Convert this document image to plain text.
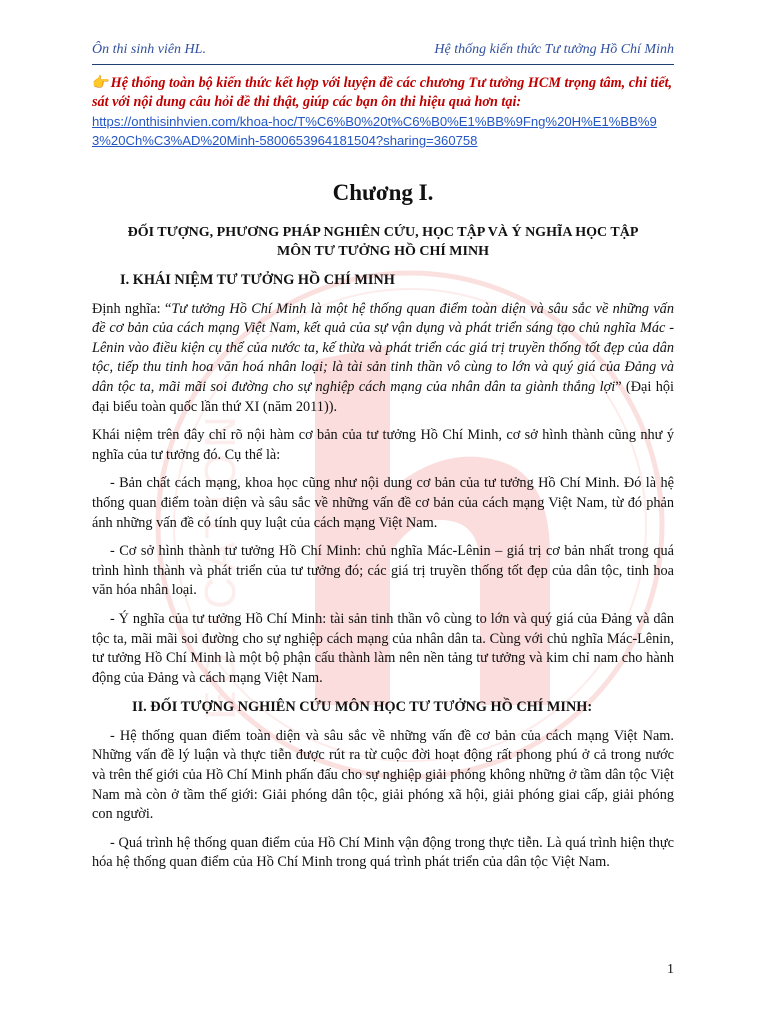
EDUCATION
Ôn thi sinh viên HL.	Hệ thống kiến thức Tư tưởng Hồ Chí Minh
👉Hệ thống toàn bộ kiến thức kết hợp với luyện đề các chương Tư tưởng HCM trọng tâm, chi tiết, sát với nội dung câu hỏi đề thi thật, giúp các bạn ôn thi hiệu quả hơn tại:
https://onthisinhvien.com/khoa-hoc/T%C6%B0%20t%C6%B0%E1%BB%9Fng%20H%E1%BB%93%20Ch%C3%AD%20Minh-5800653964181504?sharing=360758
Chương I.
ĐỐI TƯỢNG, PHƯƠNG PHÁP NGHIÊN CỨU, HỌC TẬP VÀ Ý NGHĨA HỌC TẬP MÔN TƯ TƯỞNG HỒ CHÍ MINH
I. KHÁI NIỆM TƯ TƯỞNG HỒ CHÍ MINH

Định nghĩa: “Tư tưởng Hồ Chí Minh là một hệ thống quan điểm toàn diện và sâu sắc về những vấn đề cơ bản của cách mạng Việt Nam, kết quả của sự vận dụng và phát triển sáng tạo chủ nghĩa Mác - Lênin vào điều kiện cụ thể của nước ta, kế thừa và phát triển các giá trị truyền thống tốt đẹp của dân tộc, tiếp thu tinh hoa văn hoá nhân loại; là tài sản tinh thần vô cùng to lớn và quý giá của Đảng và dân tộc ta, mãi mãi soi đường cho sự nghiệp cách mạng của nhân dân ta giành thắng lợi” (Đại hội đại biểu toàn quốc lần thứ XI (năm 2011)).

Khái niệm trên đây chỉ rõ nội hàm cơ bản của tư tưởng Hồ Chí Minh, cơ sở hình thành cũng như ý nghĩa của tư tưởng đó. Cụ thể là:

- Bản chất cách mạng, khoa học cũng như nội dung cơ bản của tư tưởng Hồ Chí Minh. Đó là hệ thống quan điểm toàn diện và sâu sắc về những vấn đề cơ bản của cách mạng Việt Nam, từ đó phản ánh những vấn đề có tính quy luật của cách mạng Việt Nam.

- Cơ sở hình thành tư tưởng Hồ Chí Minh: chủ nghĩa Mác-Lênin – giá trị cơ bản nhất trong quá trình hình thành và phát triển của tư tưởng đó; các giá trị truyền thống tốt đẹp của dân tộc, tinh hoa văn hóa nhân loại.

- Ý nghĩa của tư tưởng Hồ Chí Minh: tài sản tinh thần vô cùng to lớn và quý giá của Đảng và dân tộc ta, mãi mãi soi đường cho sự nghiệp cách mạng của nhân dân ta. Cùng với chủ nghĩa Mác-Lênin, tư tưởng Hồ Chí Minh là một bộ phận cấu thành làm nên nền tảng tư tưởng và kim chỉ nam cho hành động của Đảng và cách mạng Việt Nam.

II. ĐỐI TƯỢNG NGHIÊN CỨU MÔN HỌC TƯ TƯỞNG HỒ CHÍ MINH:

- Hệ thống quan điểm toàn diện và sâu sắc về những vấn đề cơ bản của cách mạng Việt Nam. Những vấn đề lý luận và thực tiễn được rút ra từ cuộc đời hoạt động rất phong phú ở cả trong nước và trên thế giới của Hồ Chí Minh phấn đấu cho sự nghiệp giải phóng không những ở tầm dân tộc Việt Nam mà còn ở tầm thế giới: Giải phóng dân tộc, giải phóng xã hội, giải phóng giai cấp, giải phóng con người.

- Quá trình hệ thống quan điểm của Hồ Chí Minh vận động trong thực tiễn. Là quá trình hiện thực hóa hệ thống quan điểm của Hồ Chí Minh trong quá trình phát triển của dân tộc Việt Nam.

1
